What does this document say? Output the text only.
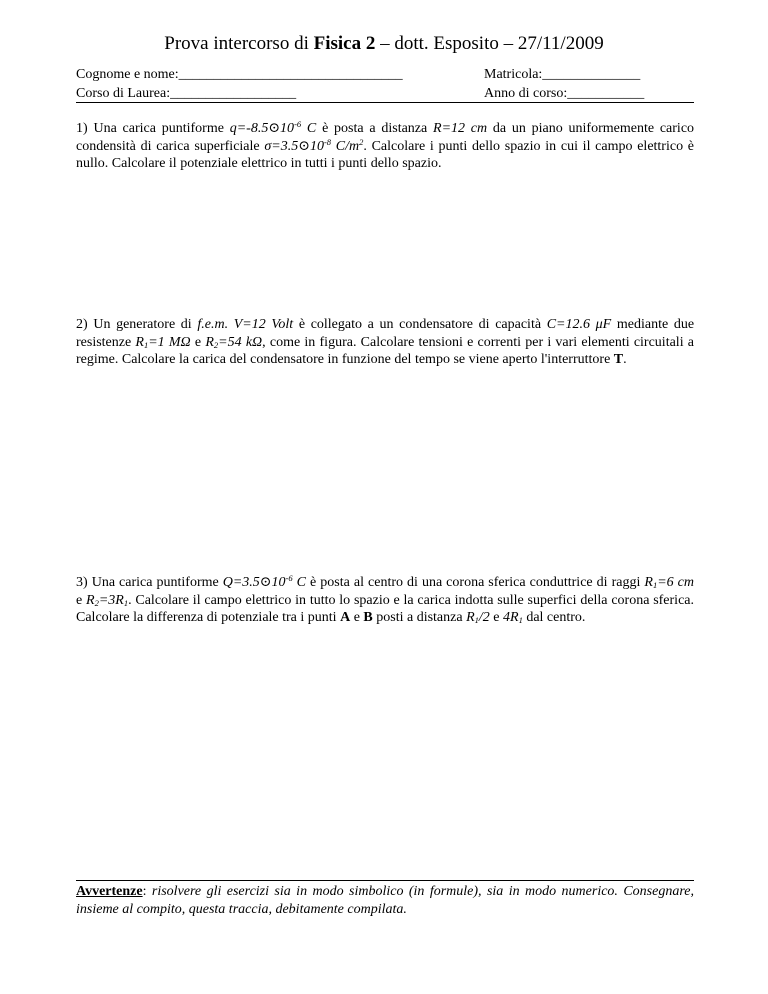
Prova intercorso di Fisica 2 – dott. Esposito – 27/11/2009
Cognome e nome:________________________________
Corso di Laurea:__________________
Matricola:______________
Anno di corso:___________

1) Una carica puntiforme $q=-8.5⊙10^{-6}$ C è posta a distanza R=12 cm da un piano uniformemente carico condensità di carica superficiale $\sigma=3.5⊙10^{-8}$ $C/m^2$. Calcolare i punti dello spazio in cui il campo elettrico è nullo. Calcolare il potenziale elettrico in tutti i punti dello spazio.

2) Un generatore di f.e.m. V=12 Volt è collegato a un condensatore di capacità C=12.6 μF mediante due resistenze $R_1=1$ MΩ e $R_2=54$ kΩ, come in figura. Calcolare tensioni e correnti per i vari elementi circuitali a regime. Calcolare la carica del condensatore in funzione del tempo se viene aperto l'interruttore T.

3) Una carica puntiforme $Q=3.5⊙10^{-6}$ C è posta al centro di una corona sferica conduttrice di raggi $R_1=6$ cm e $R_2=3R_1$. Calcolare il campo elettrico in tutto lo spazio e la carica indotta sulle superfici della corona sferica. Calcolare la differenza di potenziale tra i punti A e B posti a distanza $R_1/2$ e $4R_1$ dal centro.

Avvertenze: risolvere gli esercizi sia in modo simbolico (in formule), sia in modo numerico. Consegnare, insieme al compito, questa traccia, debitamente compilata.
